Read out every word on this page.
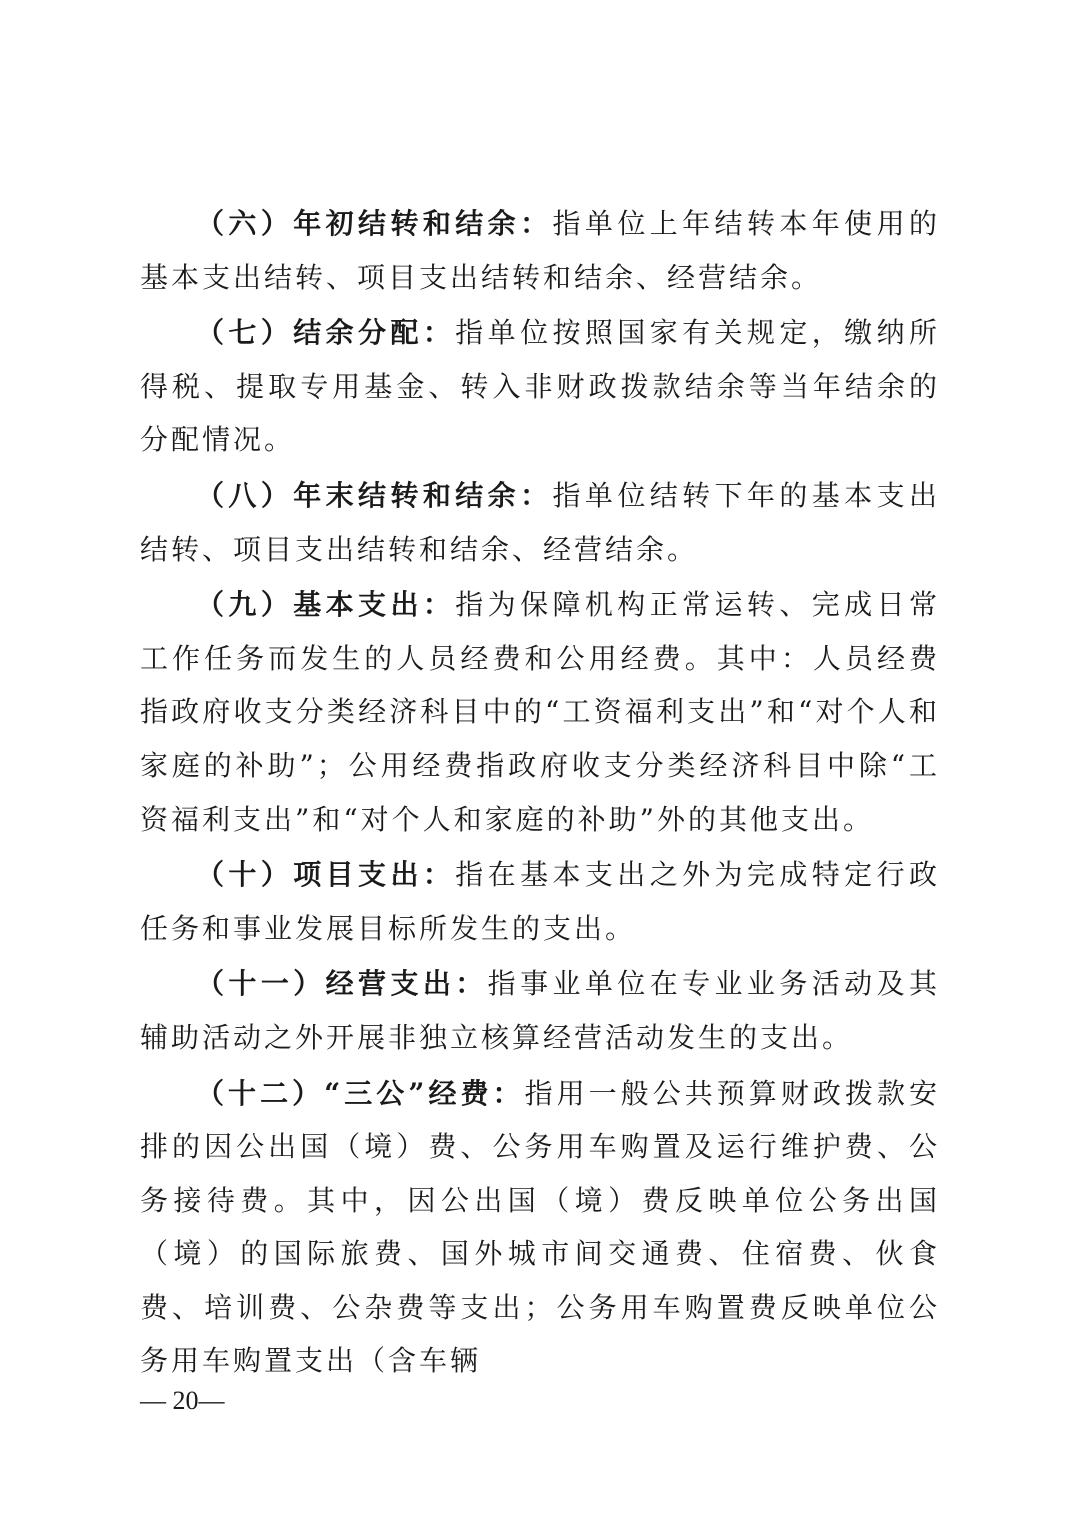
（六）年初结转和结余：指单位上年结转本年使用的基本支出结转、项目支出结转和结余、经营结余。

（七）结余分配：指单位按照国家有关规定，缴纳所得税、提取专用基金、转入非财政拨款结余等当年结余的分配情况。

（八）年末结转和结余：指单位结转下年的基本支出结转、项目支出结转和结余、经营结余。

（九）基本支出：指为保障机构正常运转、完成日常工作任务而发生的人员经费和公用经费。其中：人员经费指政府收支分类经济科目中的“工资福利支出”和“对个人和家庭的补助”；公用经费指政府收支分类经济科目中除“工资福利支出”和“对个人和家庭的补助”外的其他支出。

（十）项目支出：指在基本支出之外为完成特定行政任务和事业发展目标所发生的支出。

（十一）经营支出：指事业单位在专业业务活动及其辅助活动之外开展非独立核算经营活动发生的支出。

（十二）“三公”经费：指用一般公共预算财政拨款安排的因公出国（境）费、公务用车购置及运行维护费、公务接待费。其中，因公出国（境）费反映单位公务出国（境）的国际旅费、国外城市间交通费、住宿费、伙食费、培训费、公杂费等支出；公务用车购置费反映单位公务用车购置支出（含车辆

— 20—
